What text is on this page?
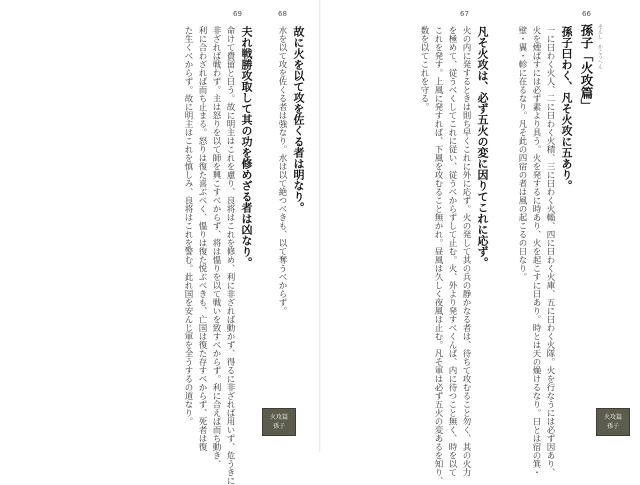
66
67
68
69
そんし　かこうへん
孫子「火攻篇」
孫子曰わく、凡そ火攻に五あり。
一に曰わく火人、二に曰わく火積、三に曰わく火輜、四に曰わく火庫、五に曰わく火隊。火を行なうには必ず因あり、
火を煙ばすには必ず素より具う。火を発するに時あり、火を起こすに日あり。時とは天の燥けるなり。日とは宿の箕・
壁・翼・軫に在るなり。凡そ此の四宿の者は風の起こるの日なり。
凡そ火攻は、必ず五火の変に因りてこれに応ず。
火の内に発するときは則ち早くこれに外に応ず。火の発して其の兵の静かなる者は、待ちて攻むること勿く、其の火力
を極めて、従うべくしてこれに従い、従うべからずして止む。火、外より発すべくんば、内に待つこと無く、時を以て
これを発す。上風に発すれば、下風を攻むること無かれ。昼風は久しく夜風は止む。凡そ軍は必ず五火の変あるを知り、
数を以てこれを守る。
火攻篇
孫子
故に火を以て攻を佐くる者は明なり。
水を以て攻を佐くる者は強なり。水は以て絶つべきも、以て奪うべからず。
夫れ戦勝攻取して其の功を修めざる者は凶なり。
命けて費留と曰う。故に明主はこれを慮り、良将はこれを修め、利に非ざれば動かず、得るに非ざれば用いず、危うきに
非ざれば戦わず。主は怒りを以て師を興こすべからず、将は慍りを以て戦いを致すべからず。利に合えば而ち動き、
利に合わざれば而ち止まる。怒りは復た喜ぶべく、慍りは復た悦ぶべきも、亡国は復た存すべからず、死者は復
た生くべからず。故に明主はこれを慎しみ、良将はこれを警む。此れ国を安んじ軍を全うするの道なり。	火攻篇
孫子
